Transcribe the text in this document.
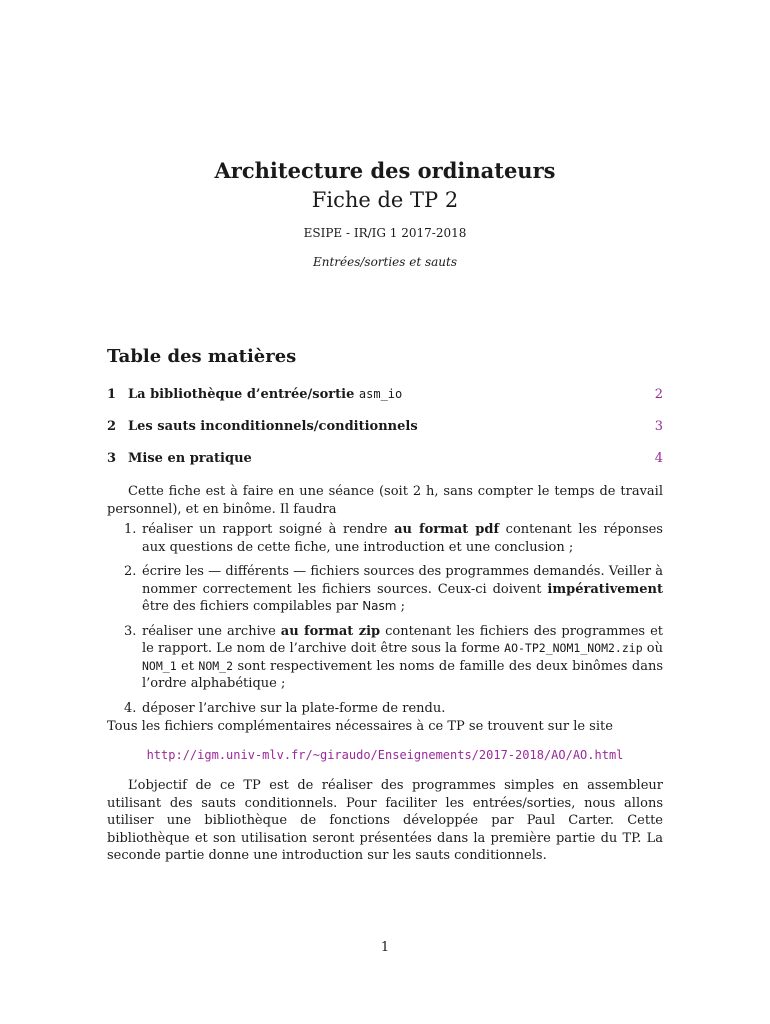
Architecture des ordinateurs
Fiche de TP 2
ESIPE - IR/IG 1 2017-2018
Entrées/sorties et sauts
Table des matières
1 La bibliothèque d’entrée/sortie asm_io	2
2 Les sauts inconditionnels/conditionnels	3
3 Mise en pratique	4

Cette fiche est à faire en une séance (soit 2 h, sans compter le temps de travail personnel), et en binôme. Il faudra

1. réaliser un rapport soigné à rendre au format pdf contenant les réponses aux questions de cette fiche, une introduction et une conclusion ;
2. écrire les — différents — fichiers sources des programmes demandés. Veiller à nommer correctement les fichiers sources. Ceux-ci doivent impérativement être des fichiers compilables par Nasm ;
3. réaliser une archive au format zip contenant les fichiers des programmes et le rapport. Le nom de l’archive doit être sous la forme AO-TP2_NOM1_NOM2.zip où NOM_1 et NOM_2 sont respectivement les noms de famille des deux binômes dans l’ordre alphabétique ;
4. déposer l’archive sur la plate-forme de rendu.

Tous les fichiers complémentaires nécessaires à ce TP se trouvent sur le site

http://igm.univ-mlv.fr/~giraudo/Enseignements/2017-2018/AO/AO.html

L’objectif de ce TP est de réaliser des programmes simples en assembleur utilisant des sauts conditionnels. Pour faciliter les entrées/sorties, nous allons utiliser une bibliothèque de fonctions développée par Paul Carter. Cette bibliothèque et son utilisation seront présentées dans la première partie du TP. La seconde partie donne une introduction sur les sauts conditionnels.

1
